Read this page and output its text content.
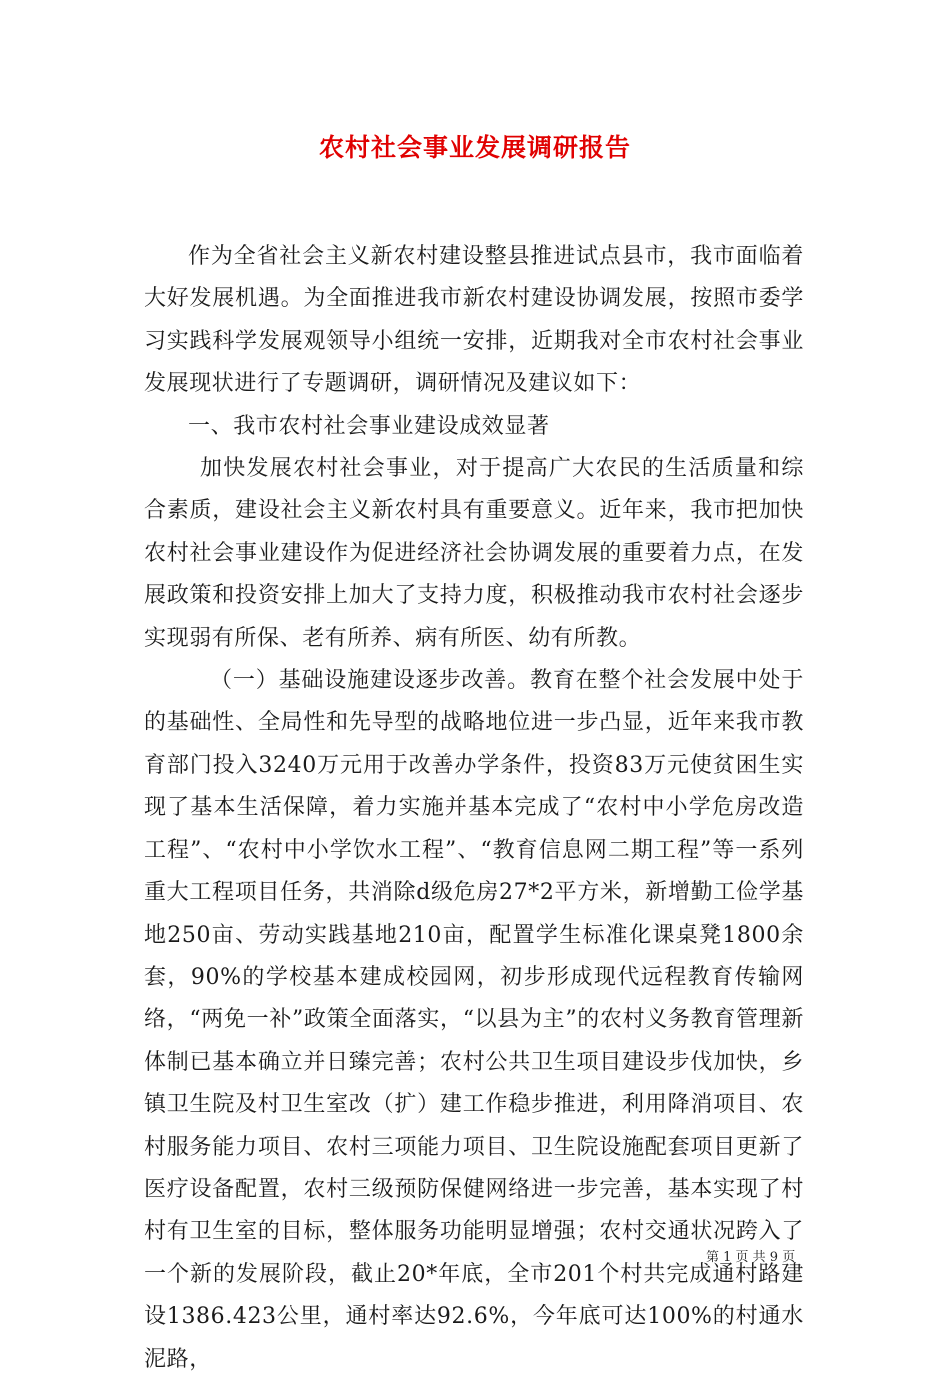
农村社会事业发展调研报告

作为全省社会主义新农村建设整县推进试点县市，我市面临着大好发展机遇。为全面推进我市新农村建设协调发展，按照市委学习实践科学发展观领导小组统一安排，近期我对全市农村社会事业发展现状进行了专题调研，调研情况及建议如下：

一、我市农村社会事业建设成效显著

加快发展农村社会事业，对于提高广大农民的生活质量和综合素质，建设社会主义新农村具有重要意义。近年来，我市把加快农村社会事业建设作为促进经济社会协调发展的重要着力点，在发展政策和投资安排上加大了支持力度，积极推动我市农村社会逐步实现弱有所保、老有所养、病有所医、幼有所教。

（一）基础设施建设逐步改善。教育在整个社会发展中处于的基础性、全局性和先导型的战略地位进一步凸显，近年来我市教育部门投入3240万元用于改善办学条件，投资83万元使贫困生实现了基本生活保障，着力实施并基本完成了“农村中小学危房改造工程”、“农村中小学饮水工程”、“教育信息网二期工程”等一系列重大工程项目任务，共消除d级危房27*2平方米，新增勤工俭学基地250亩、劳动实践基地210亩，配置学生标准化课桌凳1800余套，90%的学校基本建成校园网，初步形成现代远程教育传输网络，“两免一补”政策全面落实，“以县为主”的农村义务教育管理新体制已基本确立并日臻完善；农村公共卫生项目建设步伐加快，乡镇卫生院及村卫生室改（扩）建工作稳步推进，利用降消项目、农村服务能力项目、农村三项能力项目、卫生院设施配套项目更新了医疗设备配置，农村三级预防保健网络进一步完善，基本实现了村村有卫生室的目标，整体服务功能明显增强；农村交通状况跨入了一个新的发展阶段，截止20*年底，全市201个村共完成通村路建设1386.423公里，通村率达92.6%，今年底可达100%的村通水泥路，

第 1 页 共 9 页
